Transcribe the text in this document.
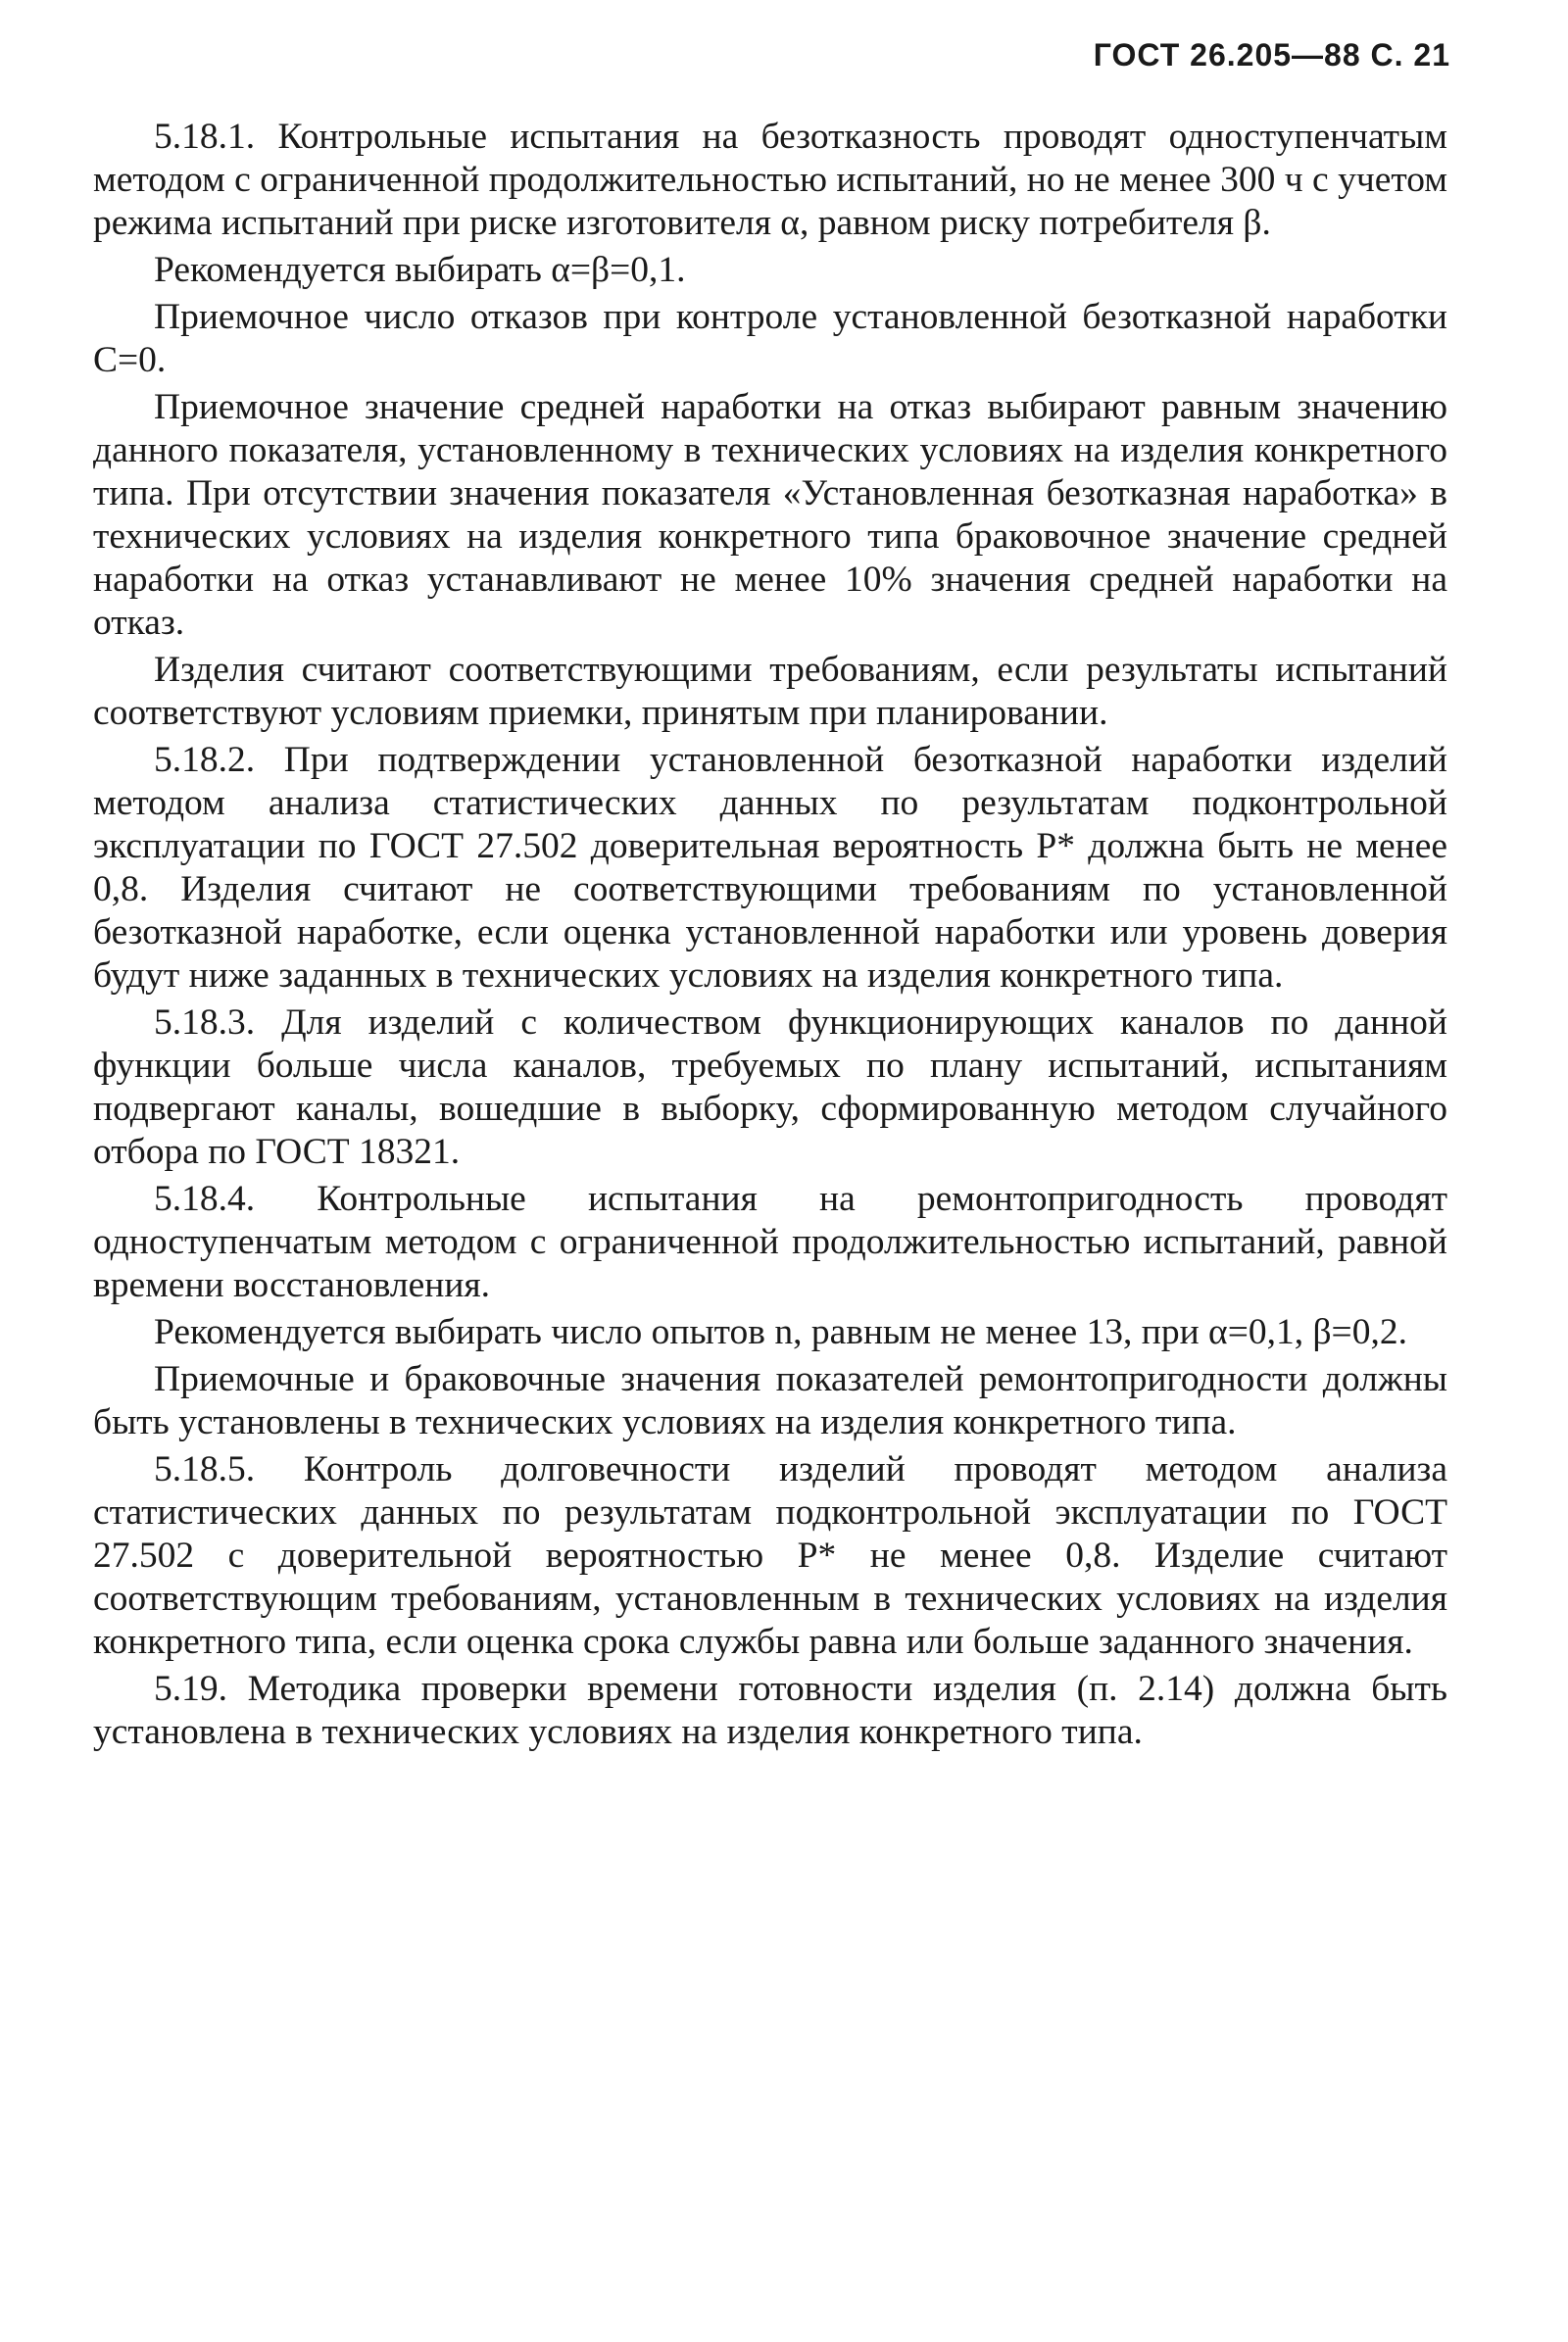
ГОСТ 26.205—88 С. 21

5.18.1. Контрольные испытания на безотказность проводят одноступенчатым методом с ограниченной продолжительностью испытаний, но не менее 300 ч с учетом режима испытаний при риске изготовителя α, равном риску потребителя β.

Рекомендуется выбирать α=β=0,1.

Приемочное число отказов при контроле установленной безотказной наработки С=0.

Приемочное значение средней наработки на отказ выбирают равным значению данного показателя, установленному в технических условиях на изделия конкретного типа. При отсутствии значения показателя «Установленная безотказная наработка» в технических условиях на изделия конкретного типа браковочное значение средней наработки на отказ устанавливают не менее 10% значения средней наработки на отказ.

Изделия считают соответствующими требованиям, если результаты испытаний соответствуют условиям приемки, принятым при планировании.

5.18.2. При подтверждении установленной безотказной наработки изделий методом анализа статистических данных по результатам подконтрольной эксплуатации по ГОСТ 27.502 доверительная вероятность Р* должна быть не менее 0,8. Изделия считают не соответствующими требованиям по установленной безотказной наработке, если оценка установленной наработки или уровень доверия будут ниже заданных в технических условиях на изделия конкретного типа.

5.18.3. Для изделий с количеством функционирующих каналов по данной функции больше числа каналов, требуемых по плану испытаний, испытаниям подвергают каналы, вошедшие в выборку, сформированную методом случайного отбора по ГОСТ 18321.

5.18.4. Контрольные испытания на ремонтопригодность проводят одноступенчатым методом с ограниченной продолжительностью испытаний, равной времени восстановления.

Рекомендуется выбирать число опытов n, равным не менее 13, при α=0,1, β=0,2.

Приемочные и браковочные значения показателей ремонтопригодности должны быть установлены в технических условиях на изделия конкретного типа.

5.18.5. Контроль долговечности изделий проводят методом анализа статистических данных по результатам подконтрольной эксплуатации по ГОСТ 27.502 с доверительной вероятностью Р* не менее 0,8. Изделие считают соответствующим требованиям, установленным в технических условиях на изделия конкретного типа, если оценка срока службы равна или больше заданного значения.

5.19. Методика проверки времени готовности изделия (п. 2.14) должна быть установлена в технических условиях на изделия конкретного типа.
